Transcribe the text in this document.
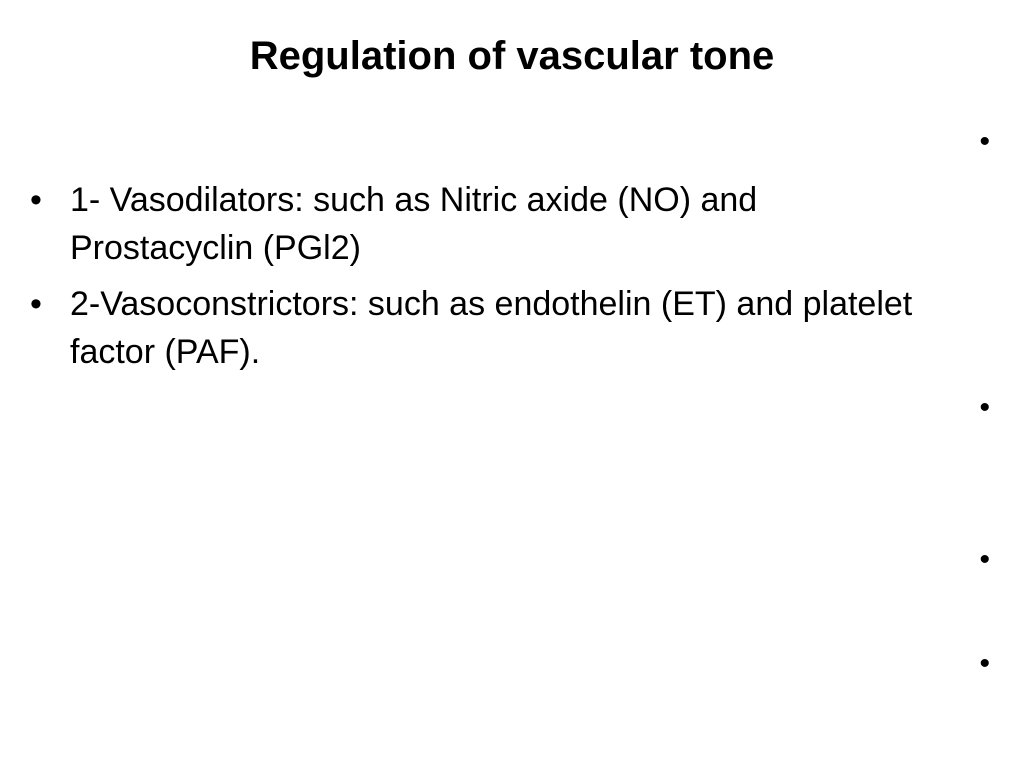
Regulation of vascular tone
•
• 1- Vasodilators: such as Nitric axide (NO) and Prostacyclin (PGl2)
• 2-Vasoconstrictors: such as endothelin (ET) and platelet factor (PAF).
•
•
•
